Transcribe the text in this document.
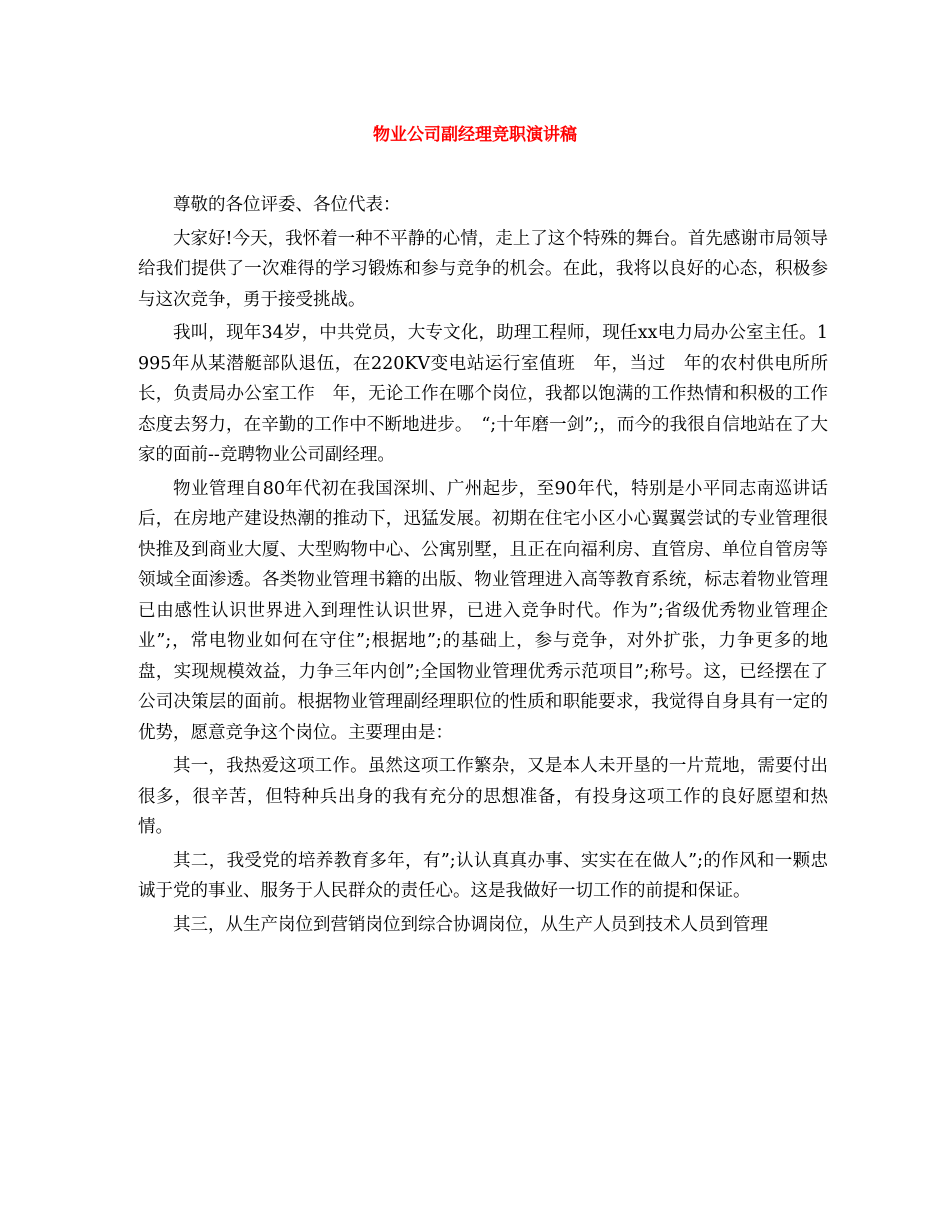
物业公司副经理竞职演讲稿

尊敬的各位评委、各位代表：

大家好!今天，我怀着一种不平静的心情，走上了这个特殊的舞台。首先感谢市局领导给我们提供了一次难得的学习锻炼和参与竞争的机会。在此，我将以良好的心态，积极参与这次竞争，勇于接受挑战。

我叫，现年34岁，中共党员，大专文化，助理工程师，现任xx电力局办公室主任。1995年从某潜艇部队退伍，在220KV变电站运行室值班　年，当过　年的农村供电所所长，负责局办公室工作　年，无论工作在哪个岗位，我都以饱满的工作热情和积极的工作态度去努力，在辛勤的工作中不断地进步。　“;十年磨一剑”;，而今的我很自信地站在了大家的面前--竞聘物业公司副经理。

物业管理自80年代初在我国深圳、广州起步，至90年代，特别是小平同志南巡讲话后，在房地产建设热潮的推动下，迅猛发展。初期在住宅小区小心翼翼尝试的专业管理很快推及到商业大厦、大型购物中心、公寓别墅，且正在向福利房、直管房、单位自管房等领域全面渗透。各类物业管理书籍的出版、物业管理进入高等教育系统，标志着物业管理已由感性认识世界进入到理性认识世界，已进入竞争时代。作为”;省级优秀物业管理企业”;，常电物业如何在守住”;根据地”;的基础上，参与竞争，对外扩张，力争更多的地盘，实现规模效益，力争三年内创”;全国物业管理优秀示范项目”;称号。这，已经摆在了公司决策层的面前。根据物业管理副经理职位的性质和职能要求，我觉得自身具有一定的优势，愿意竞争这个岗位。主要理由是：

其一，我热爱这项工作。虽然这项工作繁杂，又是本人未开垦的一片荒地，需要付出很多，很辛苦，但特种兵出身的我有充分的思想准备，有投身这项工作的良好愿望和热情。

其二，我受党的培养教育多年，有”;认认真真办事、实实在在做人”;的作风和一颗忠诚于党的事业、服务于人民群众的责任心。这是我做好一切工作的前提和保证。

其三，从生产岗位到营销岗位到综合协调岗位，从生产人员到技术人员到管理
